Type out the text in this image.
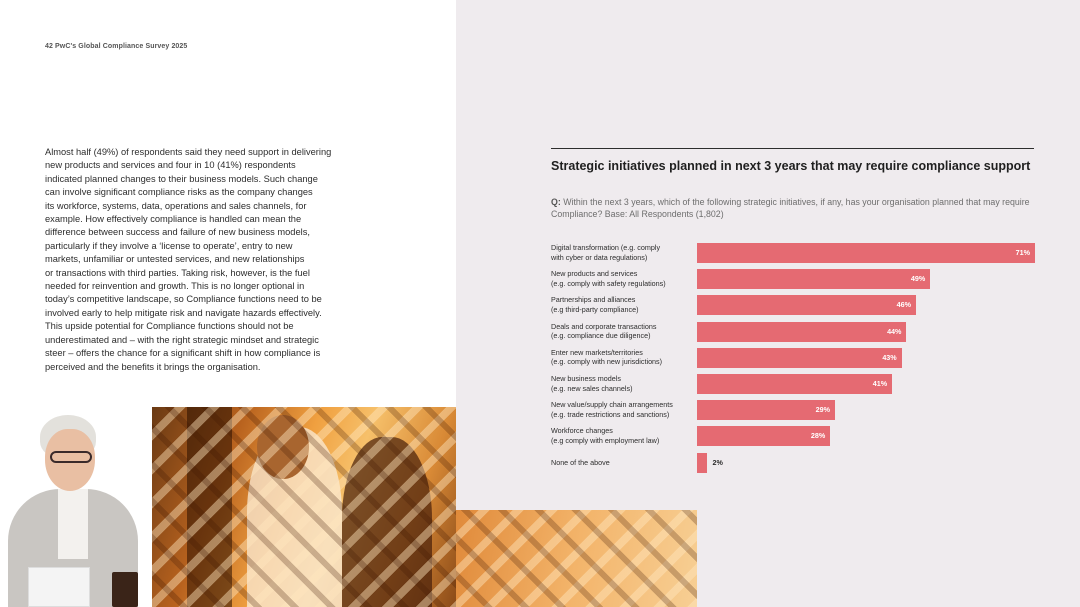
42 PwC's Global Compliance Survey 2025
Almost half (49%) of respondents said they need support in delivering
new products and services and four in 10 (41%) respondents
indicated planned changes to their business models. Such change
can involve significant compliance risks as the company changes
its workforce, systems, data, operations and sales channels, for
example. How effectively compliance is handled can mean the
difference between success and failure of new business models,
particularly if they involve a ‘license to operate’, entry to new
markets, unfamiliar or untested services, and new relationships
or transactions with third parties. Taking risk, however, is the fuel
needed for reinvention and growth. This is no longer optional in
today’s competitive landscape, so Compliance functions need to be
involved early to help mitigate risk and navigate hazards effectively.
This upside potential for Compliance functions should not be
underestimated and – with the right strategic mindset and strategic
steer – offers the chance for a significant shift in how compliance is
perceived and the benefits it brings the organisation.
Strategic initiatives planned in next 3 years that may require compliance support
Q: Within the next 3 years, which of the following strategic initiatives, if any, has your organisation planned that may require Compliance? Base: All Respondents (1,802)
Digital transformation (e.g. comply
with cyber or data regulations)	71%
New products and services
(e.g. comply with safety regulations)	49%
Partnerships and alliances
(e.g third-party compliance)	46%
Deals and corporate transactions
(e.g. compliance due diligence)	44%
Enter new markets/territories
(e.g. comply with new jurisdictions)	43%
New business models
(e.g. new sales channels)	41%
New value/supply chain arrangements
(e.g. trade restrictions and sanctions)	29%
Workforce changes
(e.g comply with employment law)	28%
None of the above	2%
